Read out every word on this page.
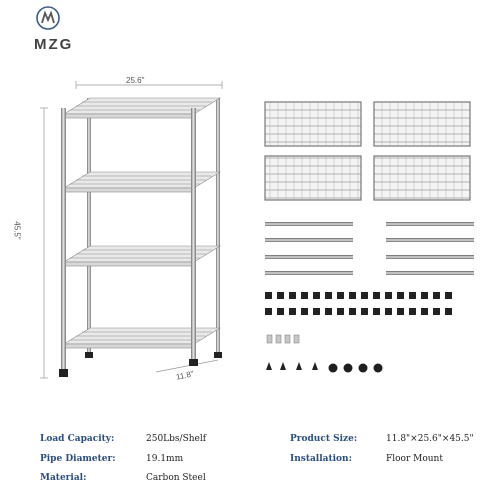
MZG
25.6"
45.5"
11.8"
Load Capacity:	250Lbs/Shelf
Pipe Diameter:	19.1mm
Material:	Carbon Steel
Product Size:	11.8"×25.6"×45.5"
Installation:	Floor Mount
